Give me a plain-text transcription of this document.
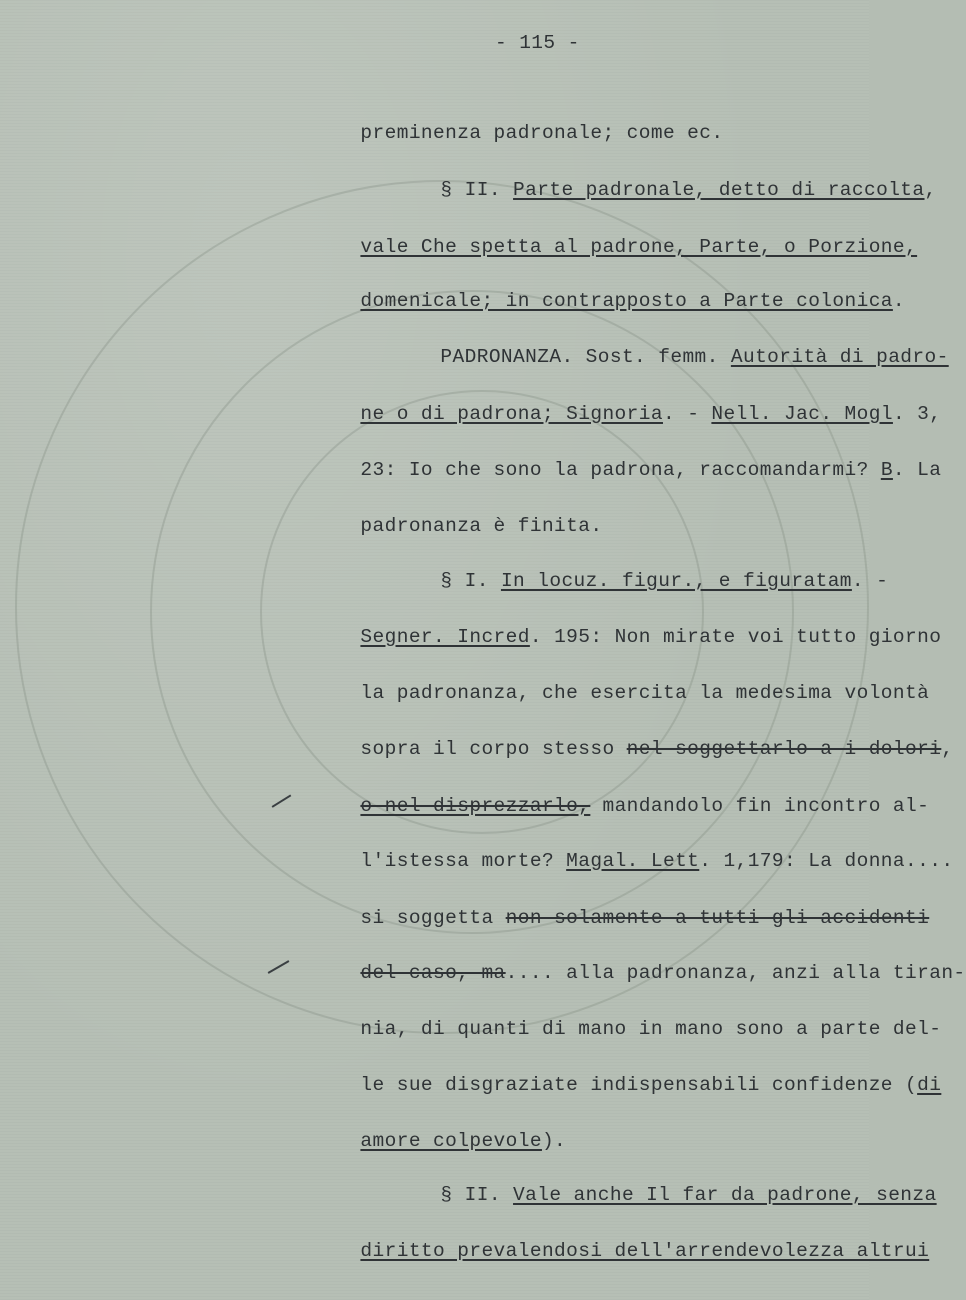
- 115 -

preminenza padronale; come ec.

§ II. Parte padronale, detto di raccolta,

vale Che spetta al padrone, Parte, o Porzione,

domenicale; in contrapposto a Parte colonica.

PADRONANZA. Sost. femm. Autorità di padro-

ne o di padrona; Signoria. - Nell. Jac. Mogl. 3,

23: Io che sono la padrona, raccomandarmi? B. La

padronanza è finita.

§ I. In locuz. figur., e figuratam. -

Segner. Incred. 195: Non mirate voi tutto giorno

la padronanza, che esercita la medesima volontà

sopra il corpo stesso nel soggettarlo a i dolori,

o nel disprezzarlo, mandandolo fin incontro al-

l'istessa morte? Magal. Lett. 1,179: La donna....

si soggetta non solamente a tutti gli accidenti

del caso, ma.... alla padronanza, anzi alla tiran-

nia, di quanti di mano in mano sono a parte del-

le sue disgraziate indispensabili confidenze (di

amore colpevole).

§ II. Vale anche Il far da padrone, senza

diritto prevalendosi dell'arrendevolezza altrui
